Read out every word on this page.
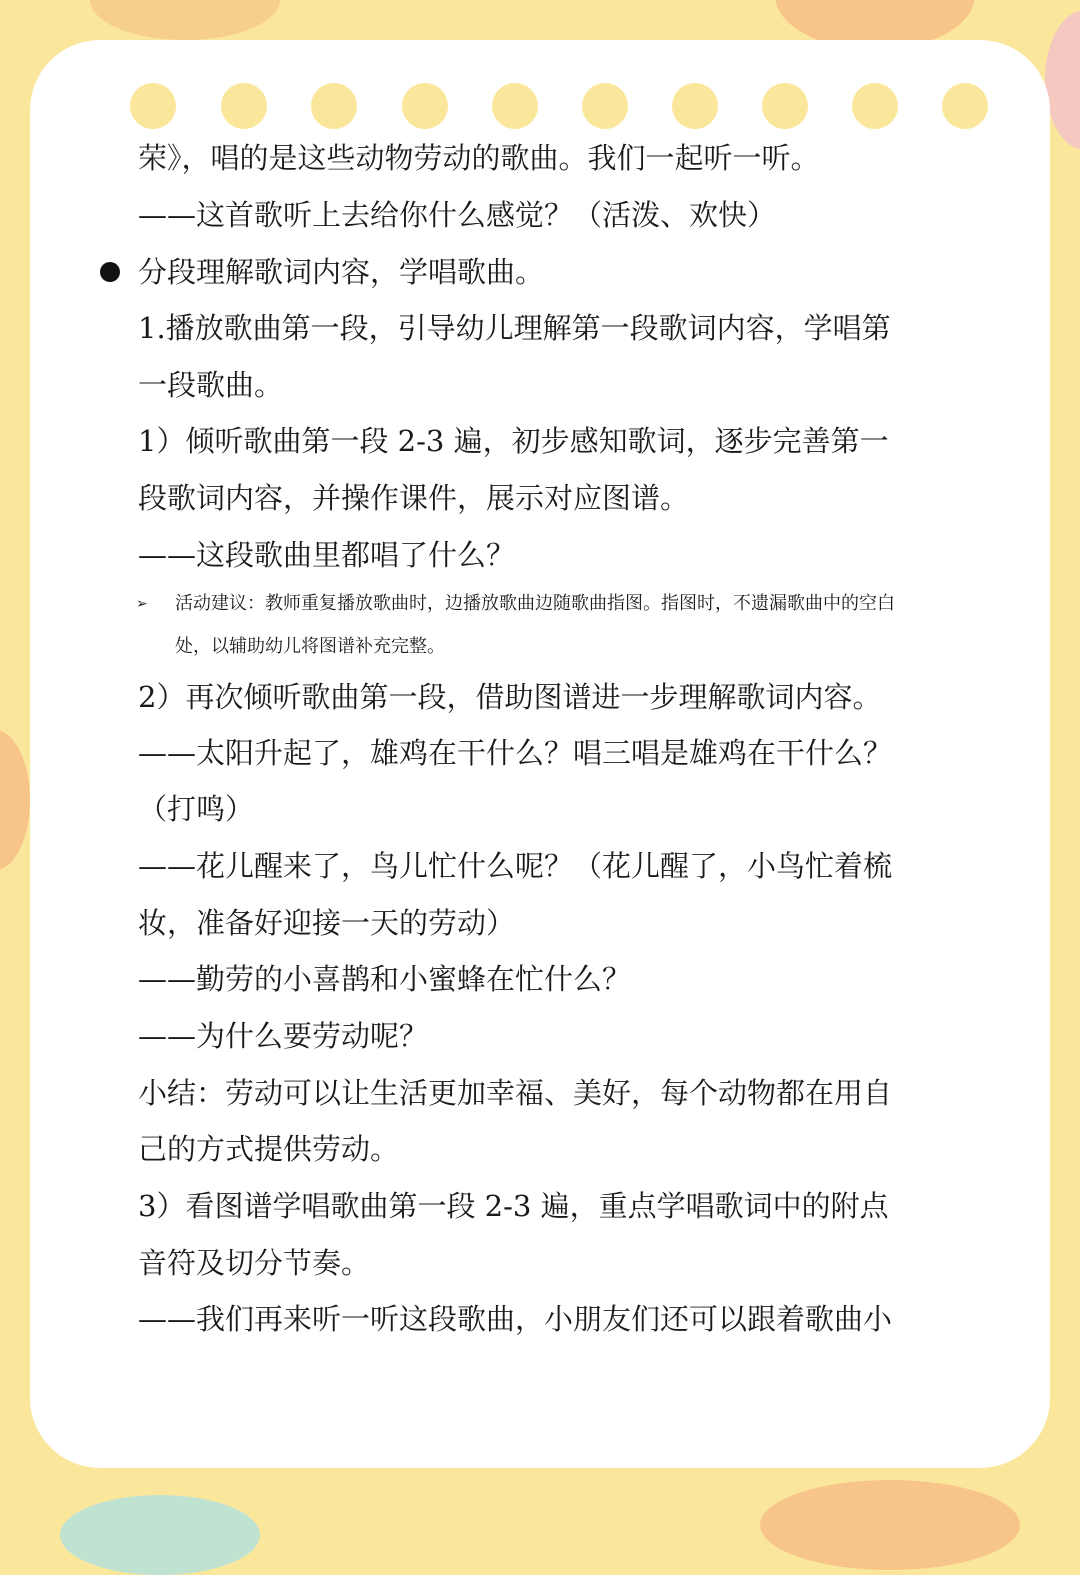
➢
荣》，唱的是这些动物劳动的歌曲。我们一起听一听。
——这首歌听上去给你什么感觉？（活泼、欢快）
分段理解歌词内容，学唱歌曲。
1.播放歌曲第一段，引导幼儿理解第一段歌词内容，学唱第
一段歌曲。
1）倾听歌曲第一段 2-3 遍，初步感知歌词，逐步完善第一
段歌词内容，并操作课件，展示对应图谱。
——这段歌曲里都唱了什么？
活动建议：教师重复播放歌曲时，边播放歌曲边随歌曲指图。指图时，不遗漏歌曲中的空白
处，以辅助幼儿将图谱补充完整。
2）再次倾听歌曲第一段，借助图谱进一步理解歌词内容。
——太阳升起了，雄鸡在干什么？唱三唱是雄鸡在干什么？
（打鸣）
——花儿醒来了，鸟儿忙什么呢？（花儿醒了，小鸟忙着梳
妆，准备好迎接一天的劳动）
——勤劳的小喜鹊和小蜜蜂在忙什么？
——为什么要劳动呢？
小结：劳动可以让生活更加幸福、美好，每个动物都在用自
己的方式提供劳动。
3）看图谱学唱歌曲第一段 2-3 遍，重点学唱歌词中的附点
音符及切分节奏。
——我们再来听一听这段歌曲，小朋友们还可以跟着歌曲小
